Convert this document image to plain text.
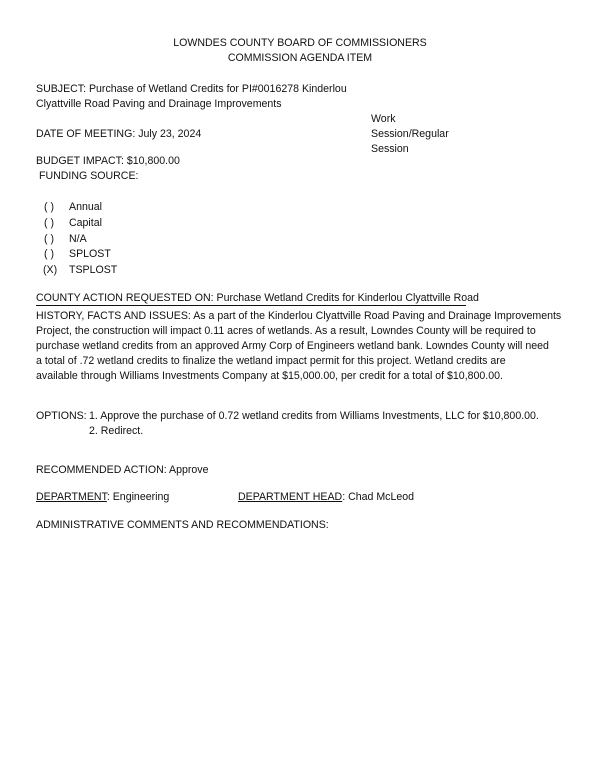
LOWNDES COUNTY BOARD OF COMMISSIONERS
COMMISSION AGENDA ITEM
SUBJECT: Purchase of Wetland Credits for PI#0016278 Kinderlou
Clyattville Road Paving and Drainage Improvements
Work
Session/Regular
Session
DATE OF MEETING: July 23, 2024
BUDGET IMPACT: $10,800.00
FUNDING SOURCE:
( ) Annual
( ) Capital
( ) N/A
( ) SPLOST
(X) TSPLOST
COUNTY ACTION REQUESTED ON: Purchase Wetland Credits for Kinderlou Clyattville Road
HISTORY, FACTS AND ISSUES: As a part of the Kinderlou Clyattville Road Paving and Drainage Improvements
Project, the construction will impact 0.11 acres of wetlands. As a result, Lowndes County will be required to
purchase wetland credits from an approved Army Corp of Engineers wetland bank. Lowndes County will need
a total of .72 wetland credits to finalize the wetland impact permit for this project. Wetland credits are
available through Williams Investments Company at $15,000.00, per credit for a total of $10,800.00.
OPTIONS: 1. Approve the purchase of 0.72 wetland credits from Williams Investments, LLC for $10,800.00.
2. Redirect.
RECOMMENDED ACTION: Approve
DEPARTMENT: Engineering	DEPARTMENT HEAD: Chad McLeod
ADMINISTRATIVE COMMENTS AND RECOMMENDATIONS:
